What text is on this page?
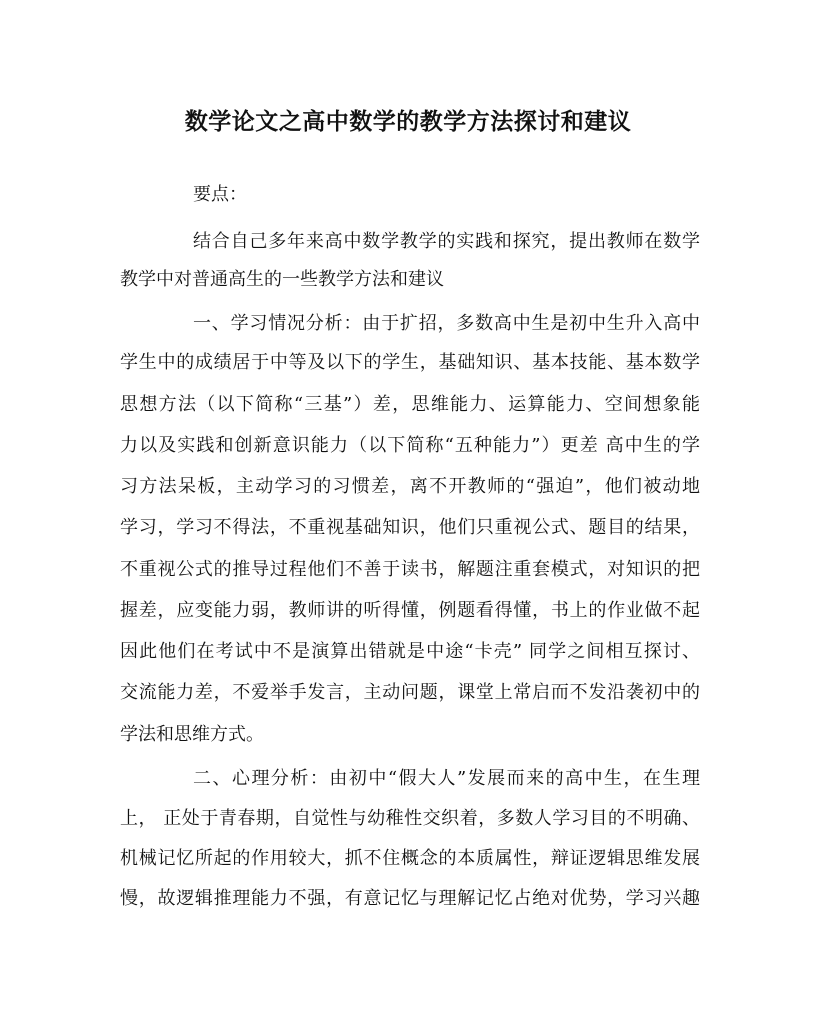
数学论文之高中数学的教学方法探讨和建议
要点：
结合自己多年来高中数学教学的实践和探究，提出教师在数学
教学中对普通高生的一些教学方法和建议
一、学习情况分析：由于扩招，多数高中生是初中生升入高中
学生中的成绩居于中等及以下的学生，基础知识、基本技能、基本数学
思想方法（以下简称“三基”）差，思维能力、运算能力、空间想象能
力以及实践和创新意识能力（以下简称“五种能力”）更差 高中生的学
习方法呆板，主动学习的习惯差，离不开教师的“强迫”，他们被动地
学习，学习不得法，不重视基础知识，他们只重视公式、题目的结果，
不重视公式的推导过程他们不善于读书，解题注重套模式，对知识的把
握差，应变能力弱，教师讲的听得懂，例题看得懂，书上的作业做不起
因此他们在考试中不是演算出错就是中途“卡壳” 同学之间相互探讨、
交流能力差，不爱举手发言，主动问题，课堂上常启而不发沿袭初中的
学法和思维方式。
二、心理分析：由初中“假大人”发展而来的高中生，在生理
上， 正处于青春期，自觉性与幼稚性交织着，多数人学习目的不明确、
机械记忆所起的作用较大，抓不住概念的本质属性，辩证逻辑思维发展
慢，故逻辑推理能力不强，有意记忆与理解记忆占绝对优势，学习兴趣
